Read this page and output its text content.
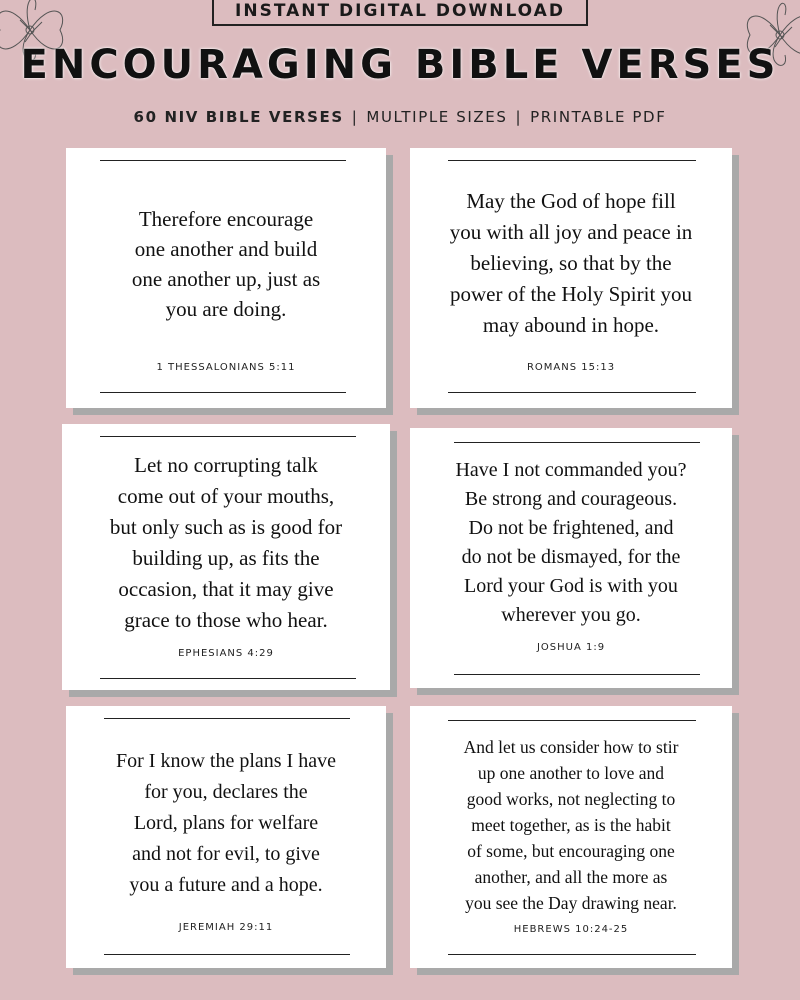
INSTANT DIGITAL DOWNLOAD
ENCOURAGING BIBLE VERSES
60 NIV BIBLE VERSES | MULTIPLE SIZES | PRINTABLE PDF
Therefore encourage
one another and build
one another up, just as
you are doing.
1 THESSALONIANS 5:11
May the God of hope fill
you with all joy and peace in
believing, so that by the
power of the Holy Spirit you
may abound in hope.
ROMANS 15:13
Let no corrupting talk
come out of your mouths,
but only such as is good for
building up, as fits the
occasion, that it may give
grace to those who hear.
EPHESIANS 4:29
Have I not commanded you?
Be strong and courageous.
Do not be frightened, and
do not be dismayed, for the
Lord your God is with you
wherever you go.
JOSHUA 1:9
For I know the plans I have
for you, declares the
Lord, plans for welfare
and not for evil, to give
you a future and a hope.
JEREMIAH 29:11
And let us consider how to stir
up one another to love and
good works, not neglecting to
meet together, as is the habit
of some, but encouraging one
another, and all the more as
you see the Day drawing near.
HEBREWS 10:24-25
